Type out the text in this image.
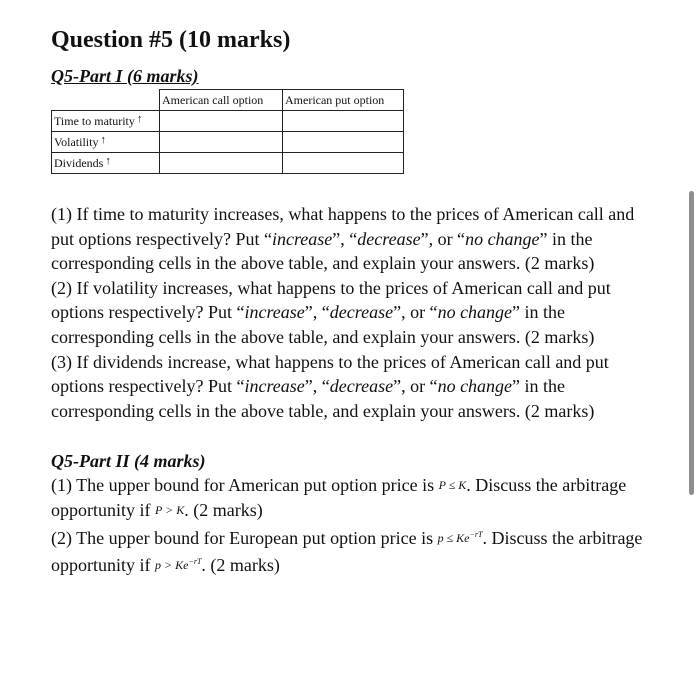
Question #5 (10 marks)
Q5-Part I (6 marks)
	American call option	American put option
Time to maturity ↑		
Volatility ↑		
Dividends ↑		

(1) If time to maturity increases, what happens to the prices of American call and put options respectively? Put “increase”, “decrease”, or “no change” in the corresponding cells in the above table, and explain your answers. (2 marks)

(2) If volatility increases, what happens to the prices of American call and put options respectively? Put “increase”, “decrease”, or “no change” in the corresponding cells in the above table, and explain your answers. (2 marks)

(3) If dividends increase, what happens to the prices of American call and put options respectively? Put “increase”, “decrease”, or “no change” in the corresponding cells in the above table, and explain your answers. (2 marks)

Q5-Part II (4 marks)

(1) The upper bound for American put option price is P ≤ K. Discuss the arbitrage opportunity if P > K. (2 marks)

(2) The upper bound for European put option price is $p \le Ke^{-rT}$. Discuss the arbitrage opportunity if $p > Ke^{-rT}$. (2 marks)
